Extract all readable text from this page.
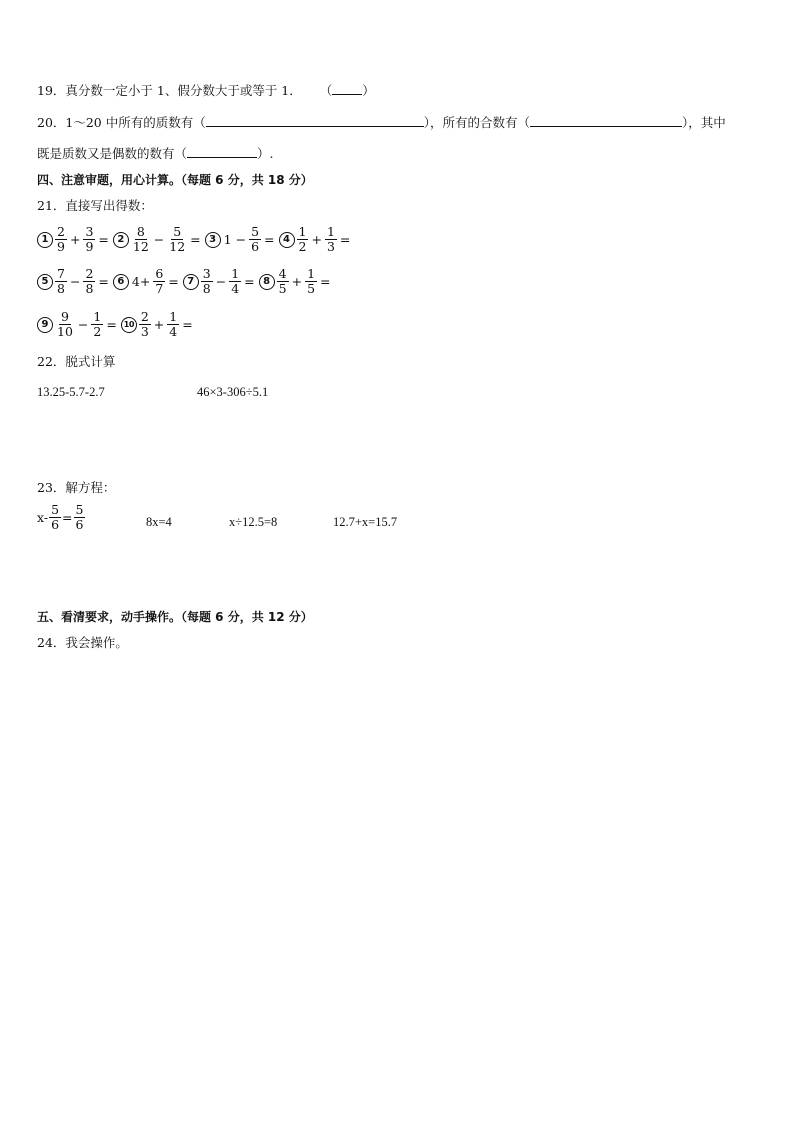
19．真分数一定小于 1、假分数大于或等于 1． （ ）
20．1～20 中所有的质数有（	），所有的合数有（	），其中
既是质数又是偶数的数有（	）.
四、注意审题，用心计算。（每题 6 分，共 18 分）
21．直接写出得数：
$1 \frac{2}{9} + \frac{3}{9} = 2 \frac{8}{12} - \frac{5}{12} = 3$ $1 - \frac{5}{6} = 4 \frac{1}{2} + \frac{1}{3}$ =
$5 \frac{7}{8} - \frac{2}{8} = 6$ $4+ \frac{6}{7} = 7 \frac{3}{8} - \frac{1}{4} = 8 \frac{4}{5} + \frac{1}{5}$ =
$9 \frac{9}{10} - \frac{1}{2} = 10 \frac{2}{3} + \frac{1}{4}$ =
22．脱式计算
13.25-5.7-2.7	46×3-306÷5.1
23．解方程：
$x- \frac{5}{6} = \frac{5}{6}$	8x=4	x÷12.5=8	12.7+x=15.7
五、看清要求，动手操作。（每题 6 分，共 12 分）
24．我会操作。
